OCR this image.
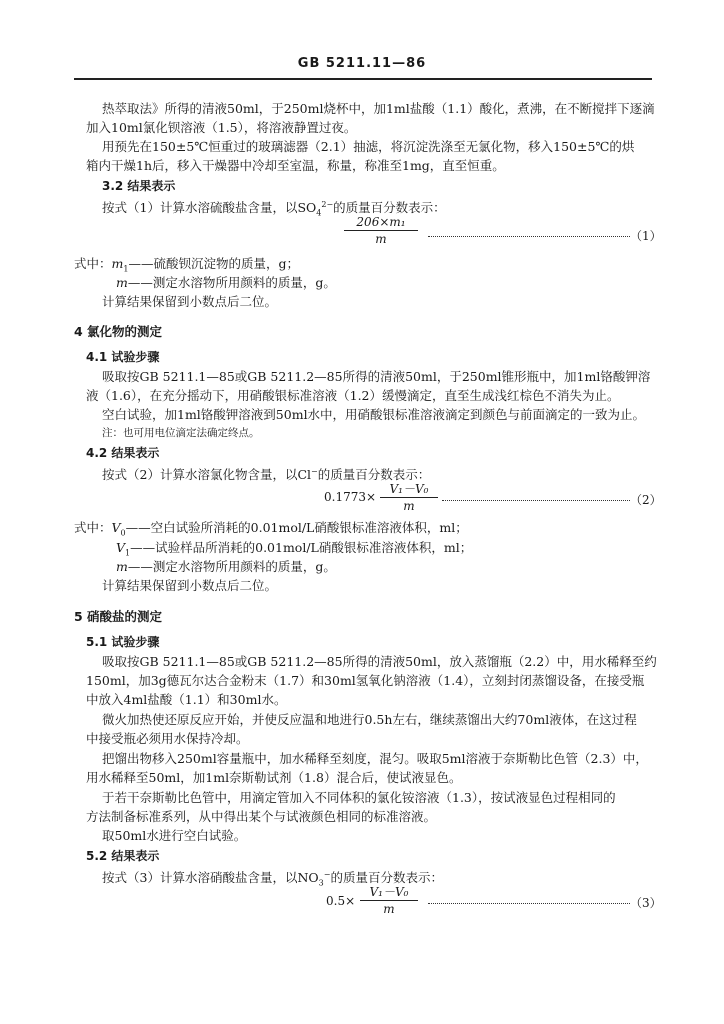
GB 5211.11—86
热萃取法》所得的清液50ml，于250ml烧杯中，加1ml盐酸（1.1）酸化，煮沸，在不断搅拌下逐滴
加入10ml氯化钡溶液（1.5），将溶液静置过夜。
用预先在150±5℃恒重过的玻璃滤器（2.1）抽滤，将沉淀洗涤至无氯化物，移入150±5℃的烘
箱内干燥1h后，移入干燥器中冷却至室温，称量，称准至1mg，直至恒重。
3.2 结果表示
按式（1）计算水溶硫酸盐含量，以$SO_4^{2-}$的质量百分数表示：
$\frac{\text{206×m₁}}{m}$	（1）
式中：$m_1——$硫酸钡沉淀物的质量，g；
m——测定水溶物所用颜料的质量，g。
计算结果保留到小数点后二位。
4 氯化物的测定
4.1 试验步骤
吸取按GB 5211.1—85或GB 5211.2—85所得的清液50ml，于250ml锥形瓶中，加1ml铬酸钾溶
液（1.6），在充分摇动下，用硝酸银标准溶液（1.2）缓慢滴定，直至生成浅红棕色不消失为止。
空白试验，加1ml铬酸钾溶液到50ml水中，用硝酸银标准溶液滴定到颜色与前面滴定的一致为止。
注：也可用电位滴定法确定终点。
4.2 结果表示
按式（2）计算水溶氯化物含量，以Cl−的质量百分数表示：
$0.1773\times \frac{\text{V₁－V₀}}{m}$	（2）
式中：$V_0——$空白试验所消耗的0.01mol/L硝酸银标准溶液体积，ml；
$V_1——$试验样品所消耗的0.01mol/L硝酸银标准溶液体积，ml；
m——测定水溶物所用颜料的质量，g。
计算结果保留到小数点后二位。
5 硝酸盐的测定
5.1 试验步骤
吸取按GB 5211.1—85或GB 5211.2—85所得的清液50ml，放入蒸馏瓶（2.2）中，用水稀释至约
150ml，加3g德瓦尔达合金粉末（1.7）和30ml氢氧化钠溶液（1.4），立刻封闭蒸馏设备，在接受瓶
中放入4ml盐酸（1.1）和30ml水。
微火加热使还原反应开始，并使反应温和地进行0.5h左右，继续蒸馏出大约70ml液体，在这过程
中接受瓶必须用水保持冷却。
把馏出物移入250ml容量瓶中，加水稀释至刻度，混匀。吸取5ml溶液于奈斯勒比色管（2.3）中，
用水稀释至50ml，加1ml奈斯勒试剂（1.8）混合后，使试液显色。
于若干奈斯勒比色管中，用滴定管加入不同体积的氯化铵溶液（1.3），按试液显色过程相同的
方法制备标准系列，从中得出某个与试液颜色相同的标准溶液。
取50ml水进行空白试验。
5.2 结果表示
按式（3）计算水溶硝酸盐含量，以$NO_3^-$的质量百分数表示：
$0.5\times \frac{\text{V₁－V₀}}{m}$	（3）
